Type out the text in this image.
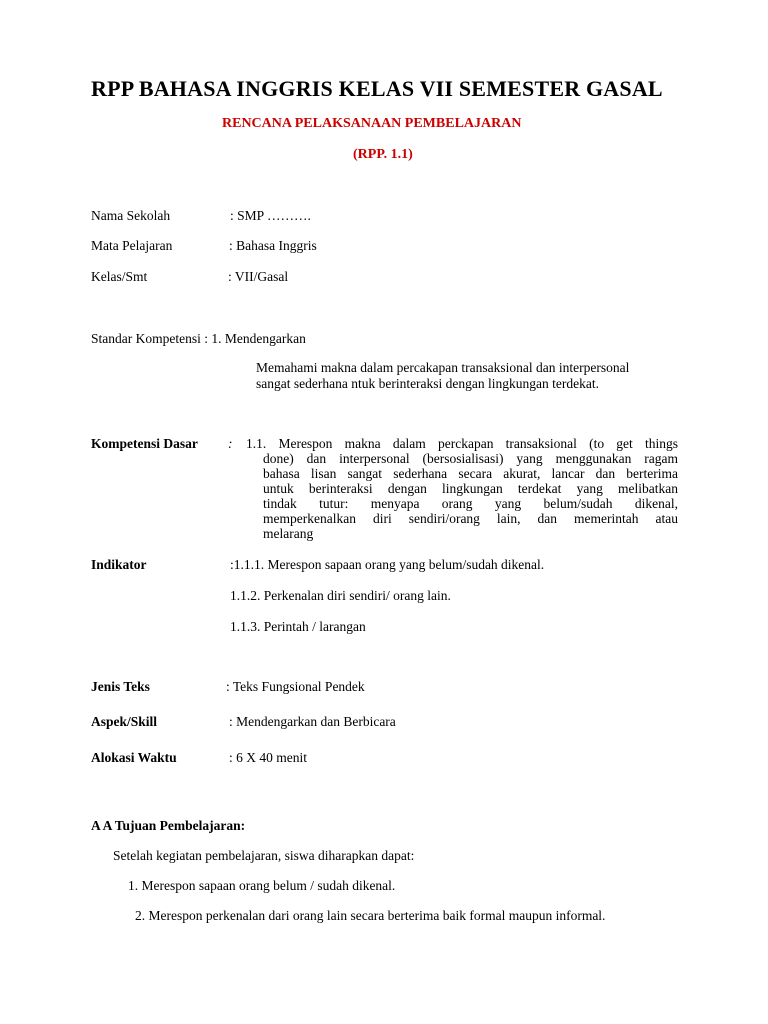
RPP BAHASA INGGRIS KELAS VII SEMESTER GASAL
RENCANA PELAKSANAAN PEMBELAJARAN
(RPP. 1.1)
Nama Sekolah	: SMP ……….
Mata Pelajaran	: Bahasa Inggris
Kelas/Smt	: VII/Gasal
Standar Kompetensi : 1. Mendengarkan
Memahami makna dalam percakapan transaksional dan interpersonal
sangat sederhana ntuk berinteraksi dengan lingkungan terdekat.
Kompetensi Dasar : 1.1. Merespon makna dalam perckapan transaksional (to get things
done) dan interpersonal (bersosialisasi) yang menggunakan ragam
bahasa lisan sangat sederhana secara akurat, lancar dan berterima
untuk berinteraksi dengan lingkungan terdekat yang melibatkan
tindak tutur: menyapa orang yang belum/sudah dikenal,
memperkenalkan diri sendiri/orang lain, dan memerintah atau
melarang
Indikator	:1.1.1. Merespon sapaan orang yang belum/sudah dikenal.
1.1.2. Perkenalan diri sendiri/ orang lain.
1.1.3. Perintah / larangan
Jenis Teks	: Teks Fungsional Pendek
Aspek/Skill	: Mendengarkan dan Berbicara
Alokasi Waktu	: 6 X 40 menit
A A Tujuan Pembelajaran:
Setelah kegiatan pembelajaran, siswa diharapkan dapat:
1. Merespon sapaan orang belum / sudah dikenal.
2. Merespon perkenalan dari orang lain secara berterima baik formal maupun informal.
